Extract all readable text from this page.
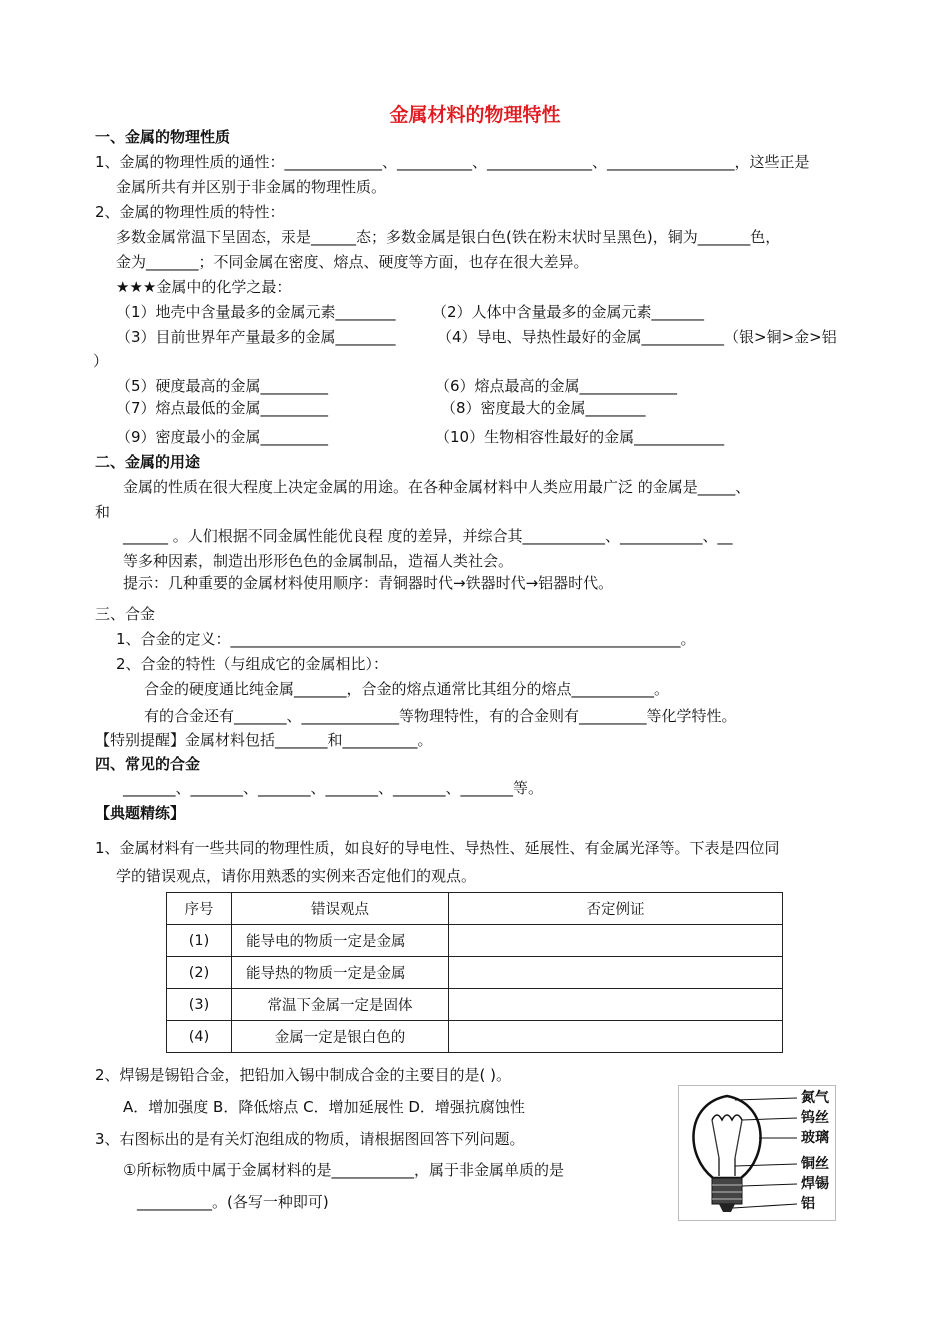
金属材料的物理特性
一、金属的物理性质
1、金属的物理性质的通性：_____________、__________、______________、_________________，这些正是
金属所共有并区别于非金属的物理性质。
2、金属的物理性质的特性：
多数金属常温下呈固态，汞是______态；多数金属是银白色(铁在粉末状时呈黑色)，铜为_______色，
金为_______；不同金属在密度、熔点、硬度等方面，也存在很大差异。
★★★金属中的化学之最：
（1）地壳中含量最多的金属元素________ （2）人体中含量最多的金属元素_______
（3）目前世界年产量最多的金属________	（4）导电、导热性最好的金属___________（银>铜>金>铝
）
（5）硬度最高的金属_________	（6）熔点最高的金属_____________
（7）熔点最低的金属_________	（8）密度最大的金属________
（9）密度最小的金属_________	（10）生物相容性最好的金属____________
二、金属的用途
金属的性质在很大程度上决定金属的用途。在各种金属材料中人类应用最广泛 的金属是_____、
和
______ 。人们根据不同金属性能优良程 度的差异，并综合其___________、___________、__
等多种因素，制造出形形色色的金属制品，造福人类社会。
提示：几种重要的金属材料使用顺序：青铜器时代→铁器时代→铝器时代。
三、合金
1、合金的定义：____________________________________________________________。
2、合金的特性（与组成它的金属相比）：
合金的硬度通比纯金属_______，合金的熔点通常比其组分的熔点___________。
有的合金还有_______、_____________等物理特性，有的合金则有_________等化学特性。
【特别提醒】金属材料包括_______和__________。
四、常见的合金
_______、_______、_______、_______、_______、_______等。
【典题精练】
1、金属材料有一些共同的物理性质，如良好的导电性、导热性、延展性、有金属光泽等。下表是四位同
学的错误观点，请你用熟悉的实例来否定他们的观点。
序号	错误观点	否定例证
(1)	能导电的物质一定是金属	
(2)	能导热的物质一定是金属	
(3)	常温下金属一定是固体	
(4)	金属一定是银白色的	
2、焊锡是锡铅合金，把铅加入锡中制成合金的主要目的是( )。
A．增加强度 B．降低熔点 C．增加延展性 D．增强抗腐蚀性
3、右图标出的是有关灯泡组成的物质，请根据图回答下列问题。
①所标物质中属于金属材料的是___________，属于非金属单质的是
__________。(各写一种即可)
氮气
钨丝
玻璃
铜丝
焊锡
铝
